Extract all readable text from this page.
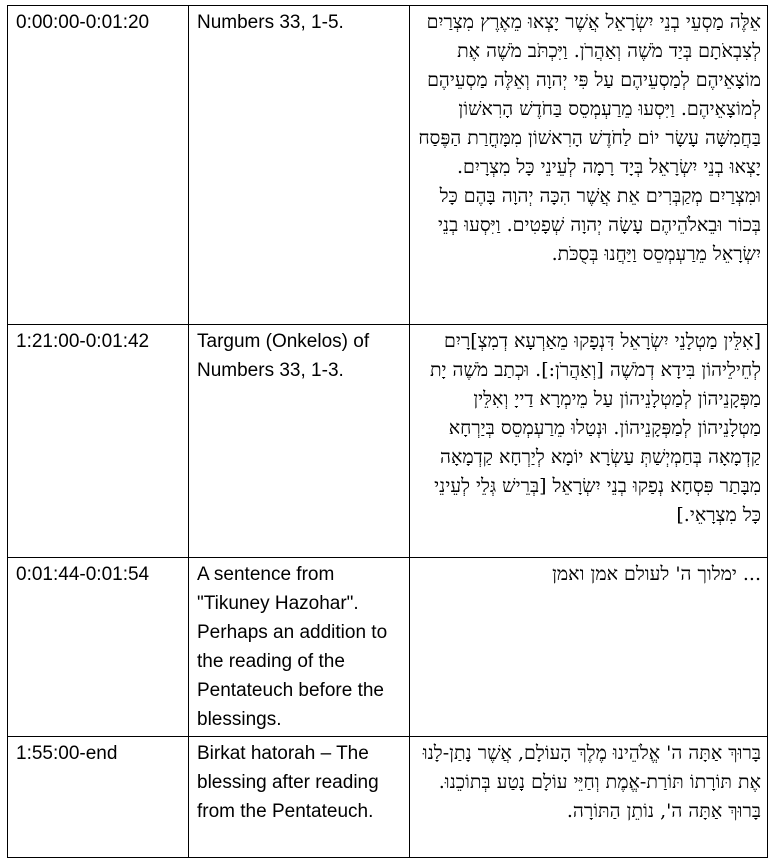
0:00:00-0:01:20	Numbers 33, 1-5.	אֵלֶּה מַסְעֵי בְנֵי יִשְׂרָאֵל אֲשֶׁר יָצְאוּ מֵאֶרֶץ מִצְרַיִם לְצִבְאֹתָם בְּיַד מֹשֶׁה וְאַהֲרֹן. וַיִּכְתֹּב מֹשֶׁה אֶת מוֹצָאֵיהֶם לְמַסְעֵיהֶם עַל פִּי יְהוָה וְאֵלֶּה מַסְעֵיהֶם לְמוֹצָאֵיהֶם. וַיִּסְעוּ מֵרַעְמְסֵס בַּחֹדֶשׁ הָרִאשׁוֹן בַּחֲמִשָּׁה עָשָׂר יוֹם לַחֹדֶשׁ הָרִאשׁוֹן מִמָּחֳרַת הַפֶּסַח יָצְאוּ בְנֵי יִשְׂרָאֵל בְּיָד רָמָה לְעֵינֵי כָּל מִצְרָיִם. וּמִצְרַיִם מְקַבְּרִים אֵת אֲשֶׁר הִכָּה יְהוָה בָּהֶם כָּל בְּכוֹר וּבֵאלֹהֵיהֶם עָשָׂה יְהוָה שְׁפָטִים. וַיִּסְעוּ בְנֵי יִשְׂרָאֵל מֵרַעְמְסֵס וַיַּחֲנוּ בְּסֻכֹּת.
1:21:00-0:01:42	Targum (Onkelos) of Numbers 33, 1-3.	[אִלֵּין מַטְלָנֵי יִשְׂרָאֵל דִּנְפָקוּ מֵאַרְעָא דְמִצְ]רָיִם לְחֵילֵיהוֹן בִּידָא דְמֹשֶׁה [וְאַהֲרֹן:]. וּכְתַב מֹשֶׁה יָת מַפְּקָנֵיהוֹן לְמַטְלָנֵיהוֹן עַל מֵימְרָא דַייָ וְאִלֵּין מַטְלָנֵיהוֹן לְמַפְּקָנֵיהוֹן. וּנְטַלוּ מֵרַעְמְסֵס בְּיַרְחָא קַדְמָאָה בְּחַמְיְשַׁתְּ עַשְׂרָא יוֹמָא לְיַרְחָא קַדְמָאָה מִבָּתַר פִּסְחָא נְפַקוּ בְנֵי יִשְׂרָאֵל [בְּרֵישׁ גְּלֵי לְעֵינֵי כָּל מִצְרָאֵי.]
0:01:44-0:01:54	A sentence from "Tikuney Hazohar". Perhaps an addition to the reading of the Pentateuch before the blessings.	... ימלוך ה' לעולם אמן ואמן
1:55:00-end	Birkat hatorah – The blessing after reading from the Pentateuch.	בָּרוּךְ אַתָּה ה' אֱלֹהֵינוּ מֶלֶךְ הָעוֹלָם, אֲשֶׁר נָתַן-לָנוּ אֶת תּוֹרָתוֹ תּוֹרַת-אֱמֶת וְחַיֵּי עוֹלָם נָטַע בְּתוֹכֵנוּ. בָּרוּךְ אַתָּה ה', נוֹתֵן הַתּוֹרָה.
